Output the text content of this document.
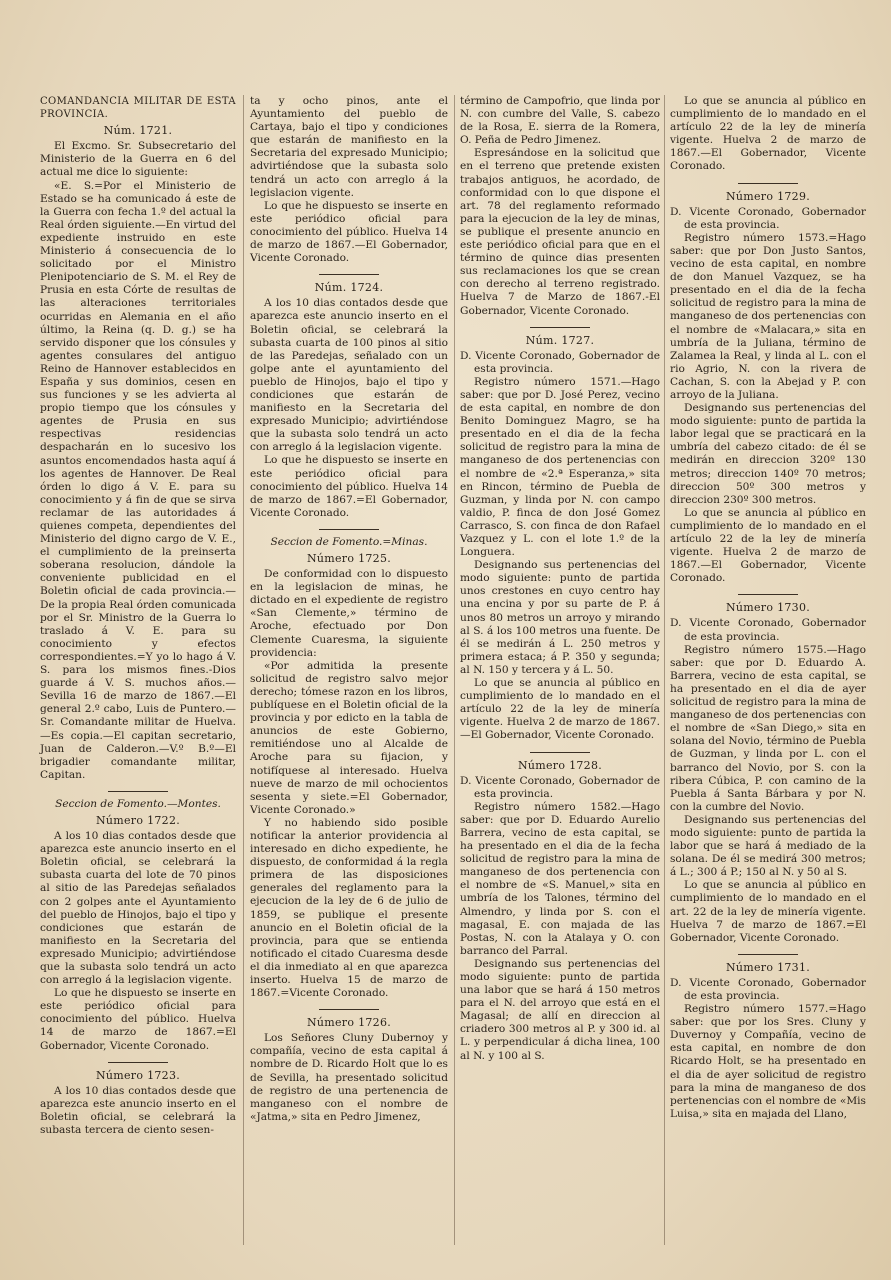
COMANDANCIA MILITAR DE ESTA PROVINCIA.

Núm. 1721.

El Excmo. Sr. Subsecretario del Ministerio de la Guerra en 6 del actual me dice lo siguiente:

«E. S.=Por el Ministerio de Estado se ha comunicado á este de la Guerra con fecha 1.º del actual la Real órden siguiente.—En virtud del expediente instruido en este Ministerio á consecuencia de lo solicitado por el Ministro Plenipotenciario de S. M. el Rey de Prusia en esta Córte de resultas de las alteraciones territoriales ocurridas en Alemania en el año último, la Reina (q. D. g.) se ha servido disponer que los cónsules y agentes consulares del antiguo Reino de Hannover establecidos en España y sus dominios, cesen en sus funciones y se les advierta al propio tiempo que los cónsules y agentes de Prusia en sus respectivas residencias despacharán en lo sucesivo los asuntos encomendados hasta aquí á los agentes de Hannover. De Real órden lo digo á V. E. para su conocimiento y á fin de que se sirva reclamar de las autoridades á quienes competa, dependientes del Ministerio del digno cargo de V. E., el cumplimiento de la preinserta soberana resolucion, dándole la conveniente publicidad en el Boletin oficial de cada provincia.—De la propia Real órden comunicada por el Sr. Ministro de la Guerra lo traslado á V. E. para su conocimiento y efectos correspondientes.=Y yo lo hago á V. S. para los mismos fines.-Dios guarde á V. S. muchos años.—Sevilla 16 de marzo de 1867.—El general 2.º cabo, Luis de Puntero.—Sr. Comandante militar de Huelva.—Es copia.—El capitan secretario, Juan de Calderon.—V.º B.º—El brigadier comandante militar, Capitan.

Seccion de Fomento.—Montes.

Número 1722.

A los 10 dias contados desde que aparezca este anuncio inserto en el Boletin oficial, se celebrará la subasta cuarta del lote de 70 pinos al sitio de las Paredejas señalados con 2 golpes ante el Ayuntamiento del pueblo de Hinojos, bajo el tipo y condiciones que estarán de manifiesto en la Secretaria del expresado Municipio; advirtiéndose que la subasta solo tendrá un acto con arreglo á la legislacion vigente.

Lo que he dispuesto se inserte en este periódico oficial para conocimiento del público. Huelva 14 de marzo de 1867.=El Gobernador, Vicente Coronado.

Número 1723.

A los 10 dias contados desde que aparezca este anuncio inserto en el Boletin oficial, se celebrará la subasta tercera de ciento sesen-

ta y ocho pinos, ante el Ayuntamiento del pueblo de Cartaya, bajo el tipo y condiciones que estarán de manifiesto en la Secretaria del expresado Municipio; advirtiéndose que la subasta solo tendrá un acto con arreglo á la legislacion vigente.

Lo que he dispuesto se inserte en este periódico oficial para conocimiento del público. Huelva 14 de marzo de 1867.—El Gobernador, Vicente Coronado.

Núm. 1724.

A los 10 dias contados desde que aparezca este anuncio inserto en el Boletin oficial, se celebrará la subasta cuarta de 100 pinos al sitio de las Paredejas, señalado con un golpe ante el ayuntamiento del pueblo de Hinojos, bajo el tipo y condiciones que estarán de manifiesto en la Secretaria del expresado Municipio; advirtiéndose que la subasta solo tendrá un acto con arreglo á la legislacion vigente.

Lo que he dispuesto se inserte en este periódico oficial para conocimiento del público. Huelva 14 de marzo de 1867.=El Gobernador, Vicente Coronado.

Seccion de Fomento.=Minas.

Número 1725.

De conformidad con lo dispuesto en la legislacion de minas, he dictado en el expediente de registro «San Clemente,» término de Aroche, efectuado por Don Clemente Cuaresma, la siguiente providencia:

«Por admitida la presente solicitud de registro salvo mejor derecho; tómese razon en los libros, publíquese en el Boletin oficial de la provincia y por edicto en la tabla de anuncios de este Gobierno, remitiéndose uno al Alcalde de Aroche para su fijacion, y notifíquese al interesado. Huelva nueve de marzo de mil ochocientos sesenta y siete.=El Gobernador, Vicente Coronado.»

Y no habiendo sido posible notificar la anterior providencia al interesado en dicho expediente, he dispuesto, de conformidad á la regla primera de las disposiciones generales del reglamento para la ejecucion de la ley de 6 de julio de 1859, se publique el presente anuncio en el Boletin oficial de la provincia, para que se entienda notificado el citado Cuaresma desde el dia inmediato al en que aparezca inserto. Huelva 15 de marzo de 1867.=Vicente Coronado.

Número 1726.

Los Señores Cluny Dubernoy y compañía, vecino de esta capital á nombre de D. Ricardo Holt que lo es de Sevilla, ha presentado solicitud de registro de una pertenencia de manganeso con el nombre de «Jatma,» sita en Pedro Jimenez,

término de Campofrio, que linda por N. con cumbre del Valle, S. cabezo de la Rosa, E. sierra de la Romera, O. Peña de Pedro Jimenez.

Espresándose en la solicitud que en el terreno que pretende existen trabajos antiguos, he acordado, de conformidad con lo que dispone el art. 78 del reglamento reformado para la ejecucion de la ley de minas, se publique el presente anuncio en este periódico oficial para que en el término de quince dias presenten sus reclamaciones los que se crean con derecho al terreno registrado. Huelva 7 de Marzo de 1867.-El Gobernador, Vicente Coronado.

Núm. 1727.

D. Vicente Coronado, Gobernador de esta provincia.

Registro número 1571.—Hago saber: que por D. José Perez, vecino de esta capital, en nombre de don Benito Dominguez Magro, se ha presentado en el dia de la fecha solicitud de registro para la mina de manganeso de dos pertenencias con el nombre de «2.ª Esperanza,» sita en Rincon, término de Puebla de Guzman, y linda por N. con campo valdio, P. finca de don José Gomez Carrasco, S. con finca de don Rafael Vazquez y L. con el lote 1.º de la Longuera.

Designando sus pertenencias del modo siguiente: punto de partida unos crestones en cuyo centro hay una encina y por su parte de P. á unos 80 metros un arroyo y mirando al S. á los 100 metros una fuente. De él se medirán á L. 250 metros y primera estaca; á P. 350 y segunda; al N. 150 y tercera y á L. 50.

Lo que se anuncia al público en cumplimiento de lo mandado en el artículo 22 de la ley de minería vigente. Huelva 2 de marzo de 1867.—El Gobernador, Vicente Coronado.

Número 1728.

D. Vicente Coronado, Gobernador de esta provincia.

Registro número 1582.—Hago saber: que por D. Eduardo Aurelio Barrera, vecino de esta capital, se ha presentado en el dia de la fecha solicitud de registro para la mina de manganeso de dos pertenencia con el nombre de «S. Manuel,» sita en umbría de los Talones, término del Almendro, y linda por S. con el magasal, E. con majada de las Postas, N. con la Atalaya y O. con barranco del Parral.

Designando sus pertenencias del modo siguiente: punto de partida una labor que se hará á 150 metros para el N. del arroyo que está en el Magasal; de allí en direccion al criadero 300 metros al P. y 300 id. al L. y perpendicular á dicha linea, 100 al N. y 100 al S.

Lo que se anuncia al público en cumplimiento de lo mandado en el artículo 22 de la ley de minería vigente. Huelva 2 de marzo de 1867.—El Gobernador, Vicente Coronado.

Número 1729.

D. Vicente Coronado, Gobernador de esta provincia.

Registro número 1573.=Hago saber: que por Don Justo Santos, vecino de esta capital, en nombre de don Manuel Vazquez, se ha presentado en el dia de la fecha solicitud de registro para la mina de manganeso de dos pertenencias con el nombre de «Malacara,» sita en umbría de la Juliana, término de Zalamea la Real, y linda al L. con el rio Agrio, N. con la rivera de Cachan, S. con la Abejad y P. con arroyo de la Juliana.

Designando sus pertenencias del modo siguiente: punto de partida la labor legal que se practicará en la umbría del cabezo citado: de él se medirán en direccion 320º 130 metros; direccion 140º 70 metros; direccion 50º 300 metros y direccion 230º 300 metros.

Lo que se anuncia al público en cumplimiento de lo mandado en el artículo 22 de la ley de minería vigente. Huelva 2 de marzo de 1867.—El Gobernador, Vicente Coronado.

Número 1730.

D. Vicente Coronado, Gobernador de esta provincia.

Registro número 1575.—Hago saber: que por D. Eduardo A. Barrera, vecino de esta capital, se ha presentado en el dia de ayer solicitud de registro para la mina de manganeso de dos pertenencias con el nombre de «San Diego,» sita en solana del Novio, término de Puebla de Guzman, y linda por L. con el barranco del Novio, por S. con la ribera Cúbica, P. con camino de la Puebla á Santa Bárbara y por N. con la cumbre del Novio.

Designando sus pertenencias del modo siguiente: punto de partida la labor que se hará á mediado de la solana. De él se medirá 300 metros; á L.; 300 á P.; 150 al N. y 50 al S.

Lo que se anuncia al público en cumplimiento de lo mandado en el art. 22 de la ley de minería vigente. Huelva 7 de marzo de 1867.=El Gobernador, Vicente Coronado.

Número 1731.

D. Vicente Coronado, Gobernador de esta provincia.

Registro número 1577.=Hago saber: que por los Sres. Cluny y Duvernoy y Compañía, vecino de esta capital, en nombre de don Ricardo Holt, se ha presentado en el dia de ayer solicitud de registro para la mina de manganeso de dos pertenencias con el nombre de «Mis Luisa,» sita en majada del Llano,
